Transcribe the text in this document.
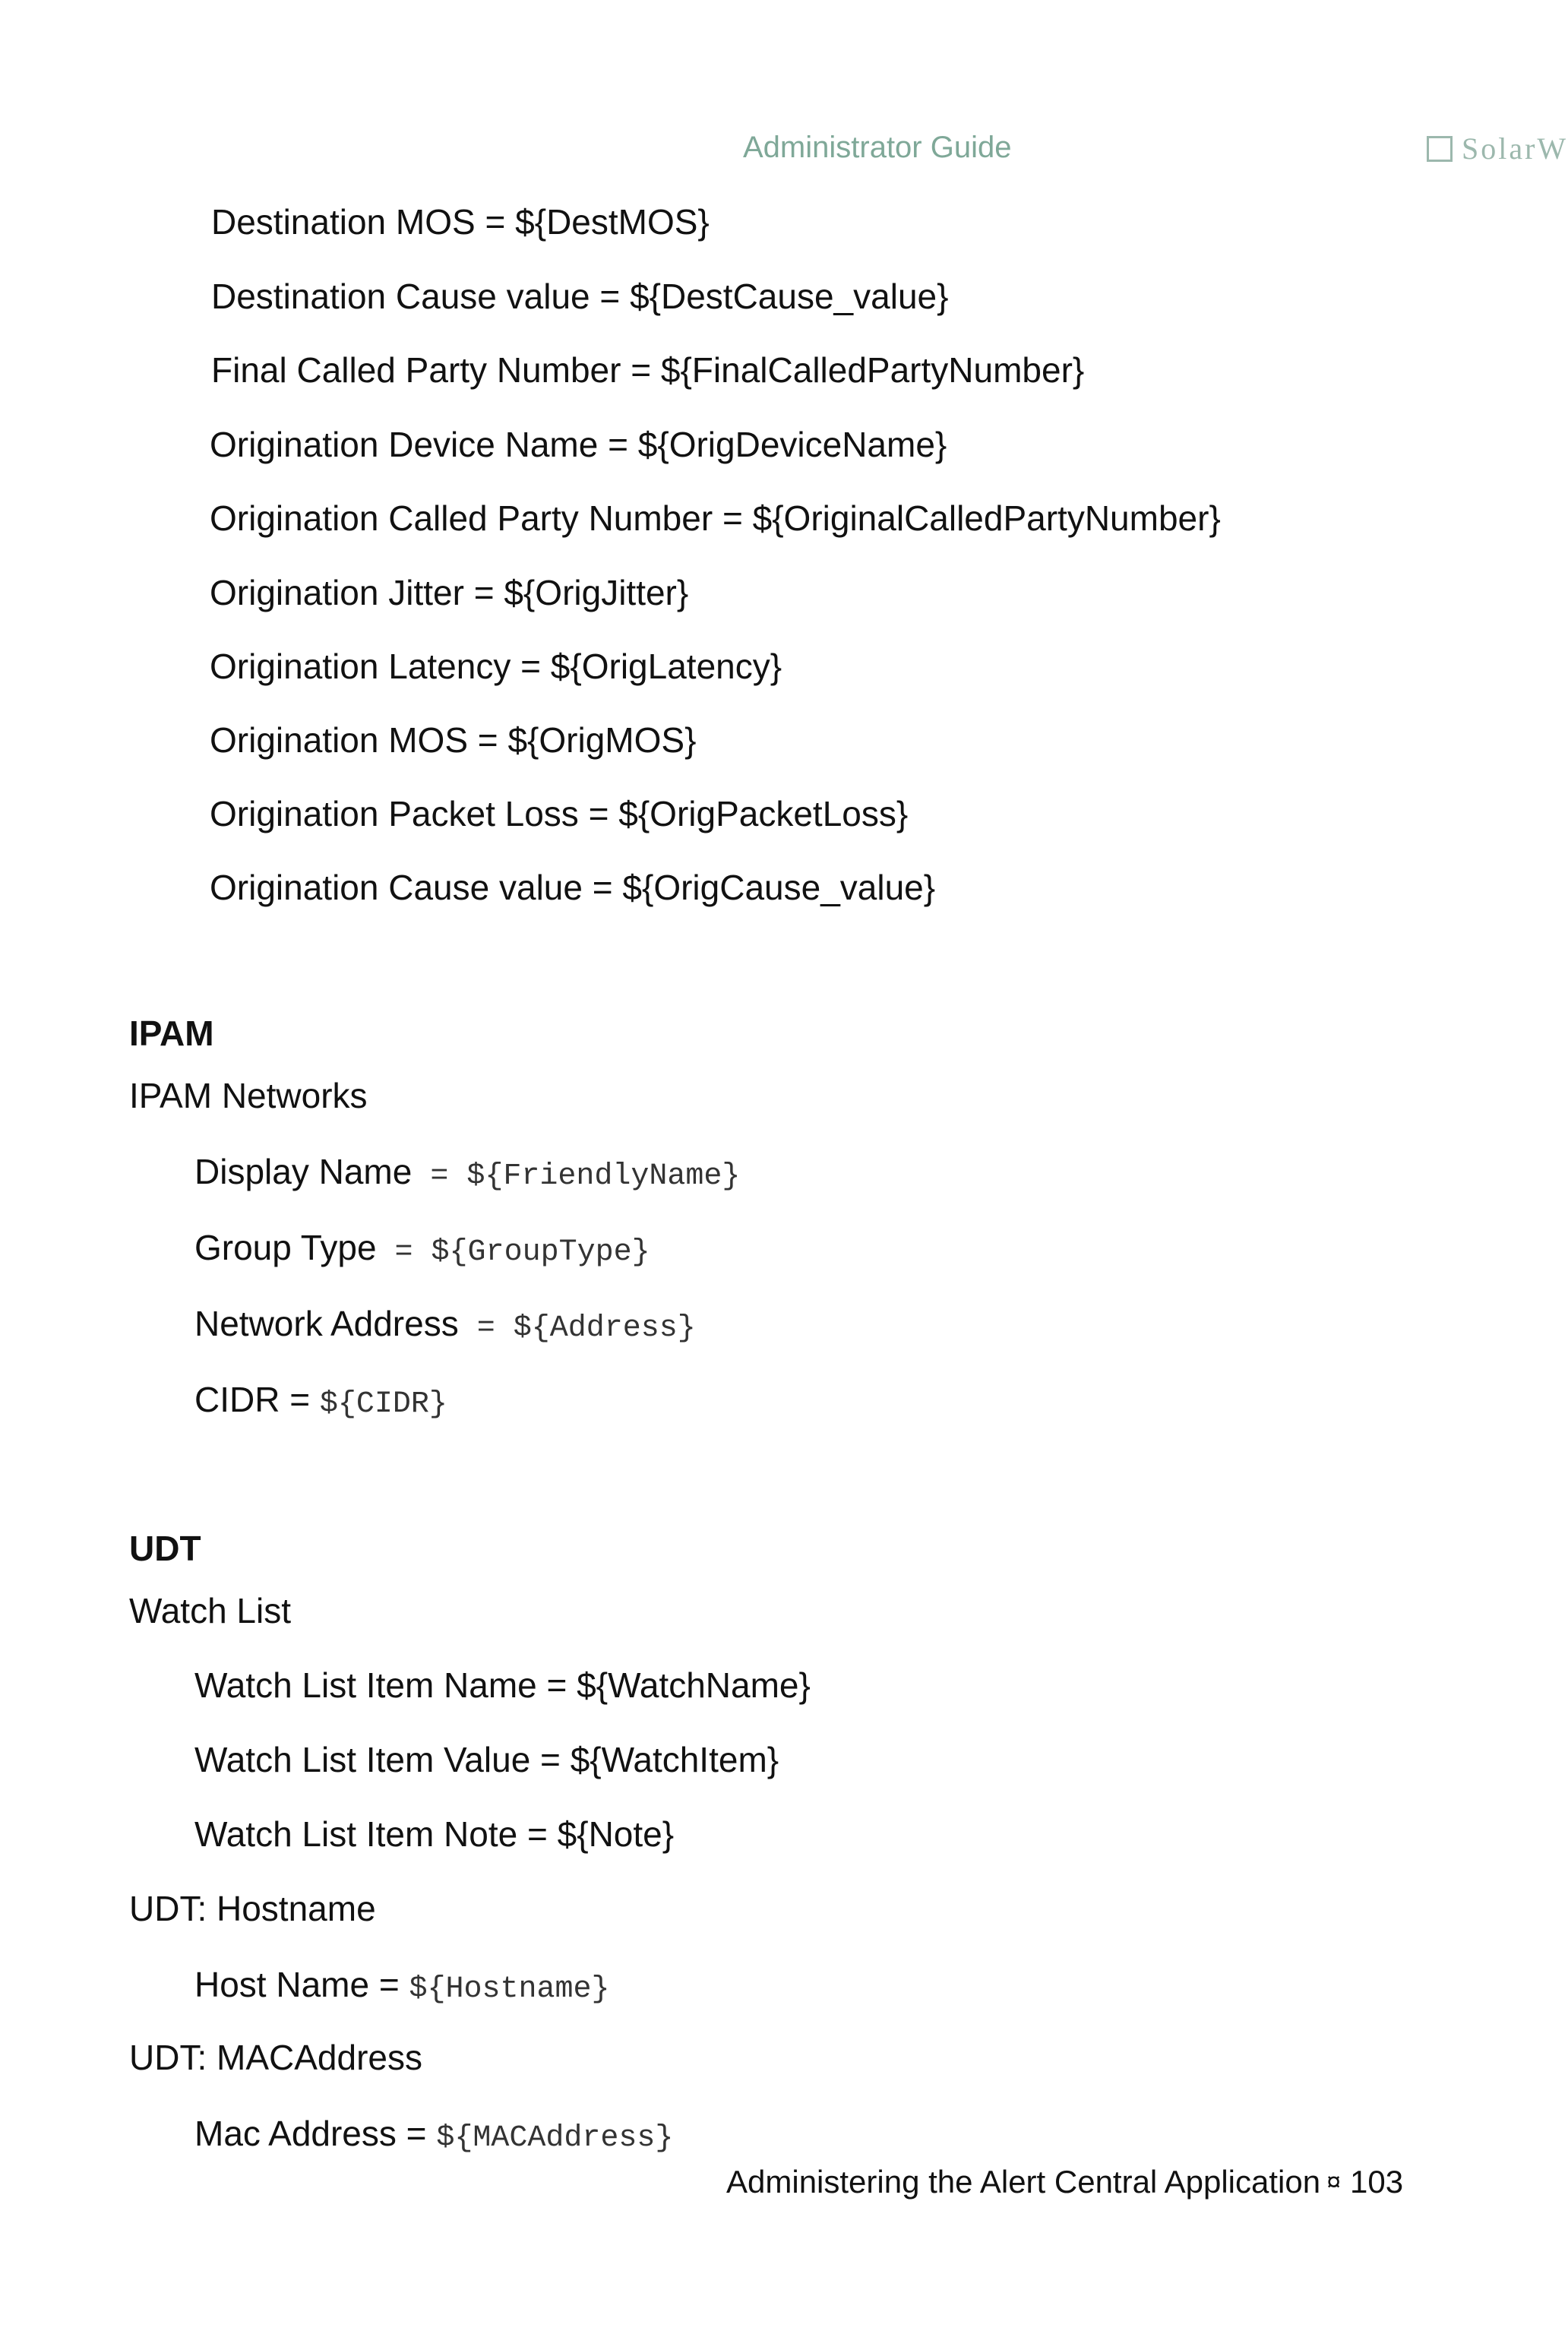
Administrator Guide	SolarW
Destination MOS = ${DestMOS}
Destination Cause value = ${DestCause_value}
Final Called Party Number = ${FinalCalledPartyNumber}
Origination Device Name = ${OrigDeviceName}
Origination Called Party Number = ${OriginalCalledPartyNumber}
Origination Jitter = ${OrigJitter}
Origination Latency = ${OrigLatency}
Origination MOS = ${OrigMOS}
Origination Packet Loss = ${OrigPacketLoss}
Origination Cause value = ${OrigCause_value}
IPAM
IPAM Networks
Display Name = ${FriendlyName}
Group Type = ${GroupType}
Network Address = ${Address}
CIDR = ${CIDR}
UDT
Watch List
Watch List Item Name = ${WatchName}
Watch List Item Value = ${WatchItem}
Watch List Item Note = ${Note}
UDT: Hostname
Host Name = ${Hostname}
UDT: MACAddress
Mac Address = ${MACAddress}
Administering the Alert Central Application ¤ 103
